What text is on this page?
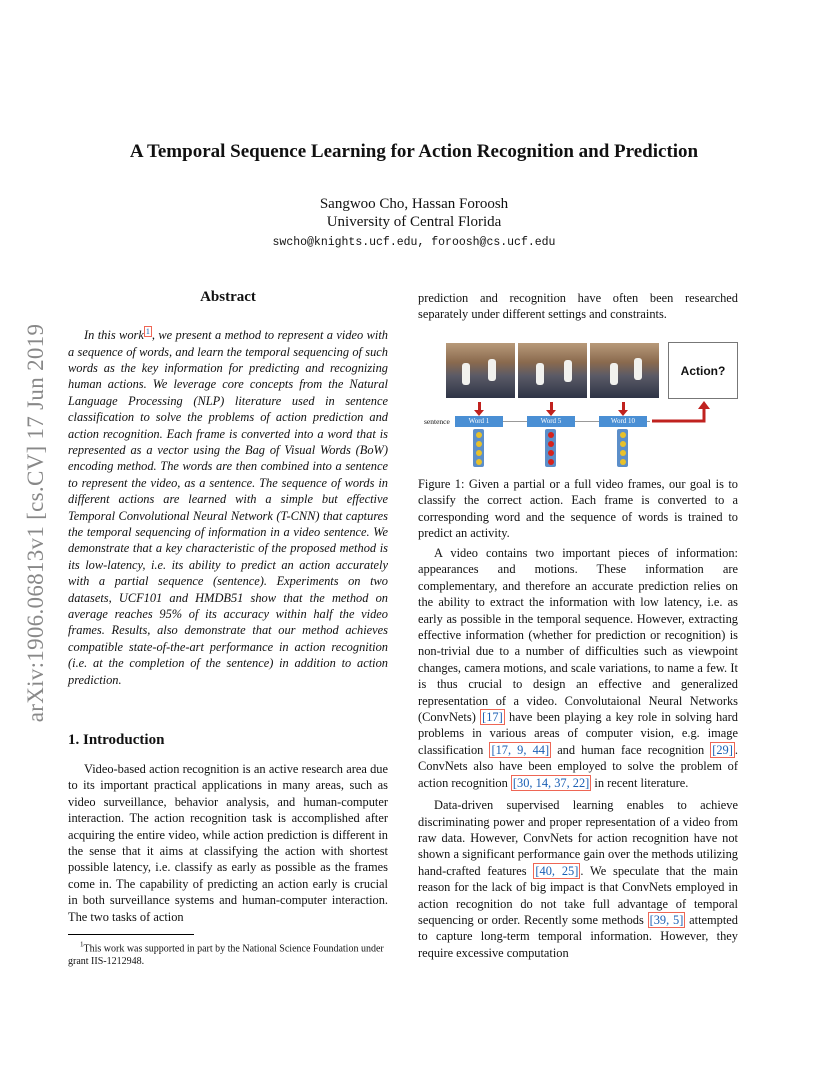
A Temporal Sequence Learning for Action Recognition and Prediction
Sangwoo Cho, Hassan Foroosh
University of Central Florida
swcho@knights.ucf.edu, foroosh@cs.ucf.edu
arXiv:1906.06813v1 [cs.CV] 17 Jun 2019
Abstract

In this work $^1$ , we present a method to represent a video with a sequence of words, and learn the temporal sequencing of such words as the key information for predicting and recognizing human actions. We leverage core concepts from the Natural Language Processing (NLP) literature used in sentence classification to solve the problems of action prediction and action recognition. Each frame is converted into a word that is represented as a vector using the Bag of Visual Words (BoW) encoding method. The words are then combined into a sentence to represent the video, as a sentence. The sequence of words in different actions are learned with a simple but effective Temporal Convolutional Neural Network (T-CNN) that captures the temporal sequencing of information in a video sentence. We demonstrate that a key characteristic of the proposed method is its low-latency, i.e. its ability to predict an action accurately with a partial sequence (sentence). Experiments on two datasets, UCF101 and HMDB51 show that the method on average reaches 95% of its accuracy within half the video frames. Results, also demonstrate that our method achieves compatible state-of-the-art performance in action recognition (i.e. at the completion of the sentence) in addition to action prediction.

1. Introduction

Video-based action recognition is an active research area due to its important practical applications in many areas, such as video surveillance, behavior analysis, and human-computer interaction. The action recognition task is accomplished after acquiring the entire video, while action prediction is different in the sense that it aims at classifying the action with shortest possible latency, i.e. classify as early as possible as the frames come in. The capability of predicting an action early is crucial in both surveillance systems and human-computer interaction. The two tasks of action

$^1$This work was supported in part by the National Science Foundation under grant IIS-1212948.

prediction and recognition have often been researched separately under different settings and constraints.

Action?
sentence	Word 1	Word 5	Word 10

Figure 1: Given a partial or a full video frames, our goal is to classify the correct action. Each frame is converted to a corresponding word and the sequence of words is trained to predict an activity.

A video contains two important pieces of information: appearances and motions. These information are complementary, and therefore an accurate prediction relies on the ability to extract the information with low latency, i.e. as early as possible in the temporal sequence. However, extracting effective information (whether for prediction or recognition) is non-trivial due to a number of difficulties such as viewpoint changes, camera motions, and scale variations, to name a few. It is thus crucial to design an effective and generalized representation of a video. Convolutaional Neural Networks (ConvNets) [17] have been playing a key role in solving hard problems in various areas of computer vision, e.g. image classification [17, 9, 44] and human face recognition [29] . ConvNets also have been employed to solve the problem of action recognition [30, 14, 37, 22] in recent literature.

Data-driven supervised learning enables to achieve discriminating power and proper representation of a video from raw data. However, ConvNets for action recognition have not shown a significant performance gain over the methods utilizing hand-crafted features [40, 25] . We speculate that the main reason for the lack of big impact is that ConvNets employed in action recognition do not take full advantage of temporal sequencing or order. Recently some methods [39, 5] attempted to capture long-term temporal information. However, they require excessive computation
